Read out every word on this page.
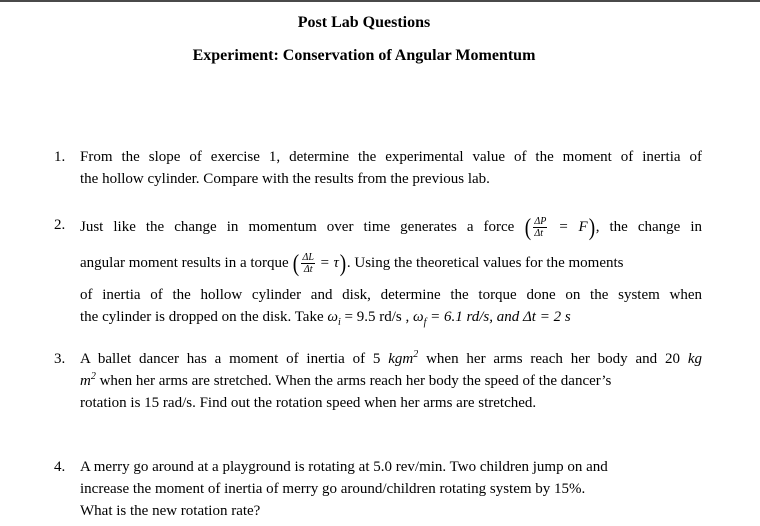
Post Lab Questions
Experiment: Conservation of Angular Momentum
1. From the slope of exercise 1, determine the experimental value of the moment of inertia of
the hollow cylinder. Compare with the results from the previous lab.
2. Just like the change in momentum over time generates a force ( $\frac{\Delta P}{\Delta t} = F$), the change in
angular moment results in a torque ( $\frac{\Delta L}{\Delta t} = \tau$). Using the theoretical values for the moments
of inertia of the hollow cylinder and disk, determine the torque done on the system when
the cylinder is dropped on the disk. Take $\omega_i = 9.5$ rd/s , $\omega_f = 6.1$ rd/s, and Δt = 2 s
3. A ballet dancer has a moment of inertia of 5 kgm$^2$ when her arms reach her body and 20 kg
$m^2$ when her arms are stretched. When the arms reach her body the speed of the dancer’s
rotation is 15 rad/s. Find out the rotation speed when her arms are stretched.
4. A merry go around at a playground is rotating at 5.0 rev/min. Two children jump on and
increase the moment of inertia of merry go around/children rotating system by 15%.
What is the new rotation rate?
